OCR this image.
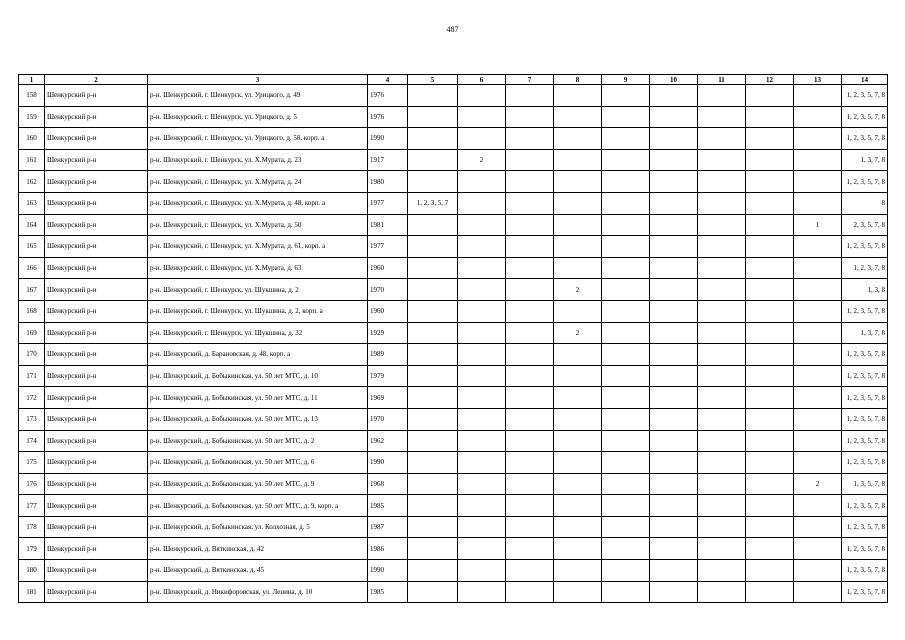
487
1	2	3	4	5	6	7	8	9	10	11	12	13	14
158	Шенкурский р-н	р-н. Шенкурский, г. Шенкурск, ул. Урицкого, д. 49	1976										1, 2, 3, 5, 7, 8
159	Шенкурский р-н	р-н. Шенкурский, г. Шенкурск, ул. Урицкого, д. 5	1976										1, 2, 3, 5, 7, 8
160	Шенкурский р-н	р-н. Шенкурский, г. Шенкурск, ул. Урицкого, д. 58, корп. а	1990										1, 2, 3, 5, 7, 8
161	Шенкурский р-н	р-н. Шенкурский, г. Шенкурск, ул. Х.Мурата, д. 23	1917		2								1, 3, 7, 8
162	Шенкурский р-н	р-н. Шенкурский, г. Шенкурск, ул. Х.Мурата, д. 24	1980										1, 2, 3, 5, 7, 8
163	Шенкурский р-н	р-н. Шенкурский, г. Шенкурск, ул. Х.Мурата, д. 48, корп. а	1977	1, 2, 3, 5, 7									8
164	Шенкурский р-н	р-н. Шенкурский, г. Шенкурск, ул. Х.Мурата, д. 50	1981									1	2, 3, 5, 7, 8
165	Шенкурский р-н	р-н. Шенкурский, г. Шенкурск, ул. Х.Мурата, д. 61, корп. а	1977										1, 2, 3, 5, 7, 8
166	Шенкурский р-н	р-н. Шенкурский, г. Шенкурск, ул. Х.Мурата, д. 63	1960										1, 2, 3, 7, 8
167	Шенкурский р-н	р-н. Шенкурский, г. Шенкурск, ул. Шукшина, д. 2	1970				2						1, 3, 8
168	Шенкурский р-н	р-н. Шенкурский, г. Шенкурск, ул. Шукшина, д. 2, корп. а	1960										1, 2, 3, 5, 7, 8
169	Шенкурский р-н	р-н. Шенкурский, г. Шенкурск, ул. Шукшина, д. 32	1929				2						1, 3, 7, 8
170	Шенкурский р-н	р-н. Шенкурский, д. Барановская, д. 48, корп. а	1989										1, 2, 3, 5, 7, 8
171	Шенкурский р-н	р-н. Шенкурский, д. Бобыкинская, ул. 50 лет МТС, д. 10	1979										1, 2, 3, 5, 7, 8
172	Шенкурский р-н	р-н. Шенкурский, д. Бобыкинская, ул. 50 лет МТС, д. 11	1969										1, 2, 3, 5, 7, 8
173	Шенкурский р-н	р-н. Шенкурский, д. Бобыкинская, ул. 50 лет МТС, д. 13	1970										1, 2, 3, 5, 7, 8
174	Шенкурский р-н	р-н. Шенкурский, д. Бобыкинская, ул. 50 лет МТС, д. 2	1962										1, 2, 3, 5, 7, 8
175	Шенкурский р-н	р-н. Шенкурский, д. Бобыкинская, ул. 50 лет МТС, д. 6	1990										1, 2, 3, 5, 7, 8
176	Шенкурский р-н	р-н. Шенкурский, д. Бобыкинская, ул. 50 лет МТС, д. 9	1968									2	1, 3, 5, 7, 8
177	Шенкурский р-н	р-н. Шенкурский, д. Бобыкинская, ул. 50 лет МТС, д. 9, корп. а	1985										1, 2, 3, 5, 7, 8
178	Шенкурский р-н	р-н. Шенкурский, д. Бобыкинская, ул. Колхозная, д. 5	1987										1, 2, 3, 5, 7, 8
179	Шенкурский р-н	р-н. Шенкурский, д. Вяткинская, д. 42	1986										1, 2, 3, 5, 7, 8
180	Шенкурский р-н	р-н. Шенкурский, д. Вяткинская, д. 45	1990										1, 2, 3, 5, 7, 8
181	Шенкурский р-н	р-н. Шенкурский, д. Никифоровская, ул. Ленина, д. 10	1985										1, 2, 3, 5, 7, 8
